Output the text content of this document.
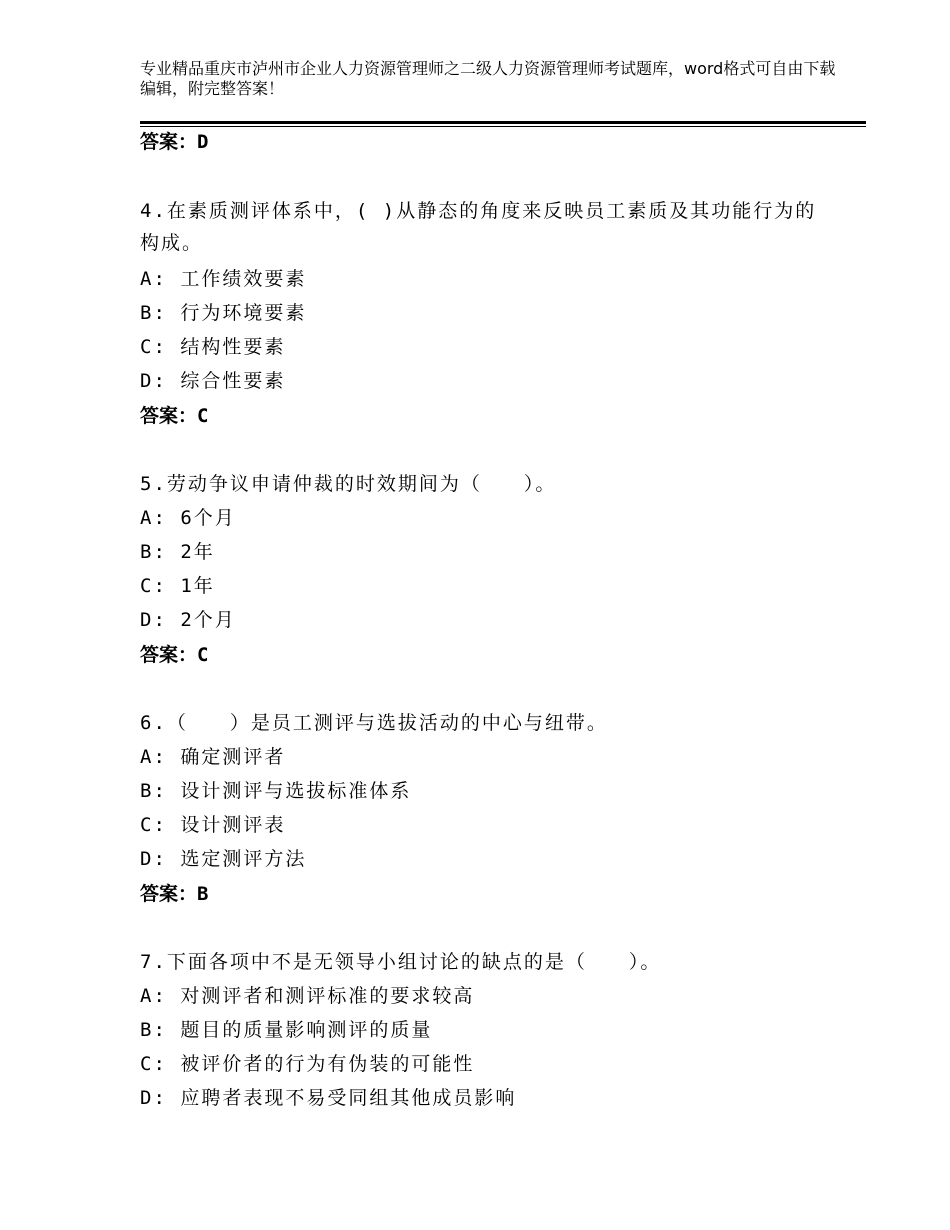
专业精品重庆市泸州市企业人力资源管理师之二级人力资源管理师考试题库，word格式可自由下载编辑，附完整答案！
答案：D
4.在素质测评体系中，( )从静态的角度来反映员工素质及其功能行为的构成。
A: 工作绩效要素
B: 行为环境要素
C: 结构性要素
D: 综合性要素
答案：C
5.劳动争议申请仲裁的时效期间为（　　）。
A: 6个月
B: 2年
C: 1年
D: 2个月
答案：C
6.（　　）是员工测评与选拔活动的中心与纽带。
A: 确定测评者
B: 设计测评与选拔标准体系
C: 设计测评表
D: 选定测评方法
答案：B
7.下面各项中不是无领导小组讨论的缺点的是（　　）。
A: 对测评者和测评标准的要求较高
B: 题目的质量影响测评的质量
C: 被评价者的行为有伪装的可能性
D: 应聘者表现不易受同组其他成员影响
